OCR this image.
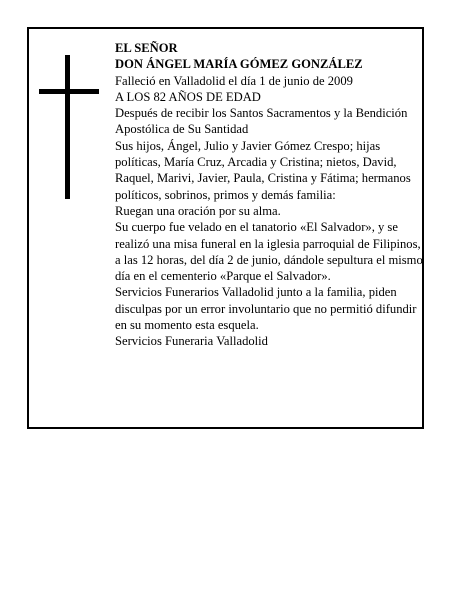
EL SEÑOR

DON ÁNGEL MARÍA GÓMEZ GONZÁLEZ

Falleció en Valladolid el día 1 de junio de 2009

A LOS 82 AÑOS DE EDAD

Después de recibir los Santos Sacramentos y la Bendición Apostólica de Su Santidad

Sus hijos, Ángel, Julio y Javier Gómez Crespo; hijas políticas, María Cruz, Arcadia y Cristina; nietos, David, Raquel, Marivi, Javier, Paula, Cristina y Fátima; hermanos políticos, sobrinos, primos y demás familia:

Ruegan una oración por su alma.

Su cuerpo fue velado en el tanatorio «El Salvador», y se realizó una misa funeral en la iglesia parroquial de Filipinos, a las 12 horas, del día 2 de junio, dándole sepultura el mismo día en el cementerio «Parque el Salvador».

Servicios Funerarios Valladolid junto a la familia, piden disculpas por un error involuntario que no permitió difundir en su momento esta esquela.

Servicios Funeraria Valladolid
